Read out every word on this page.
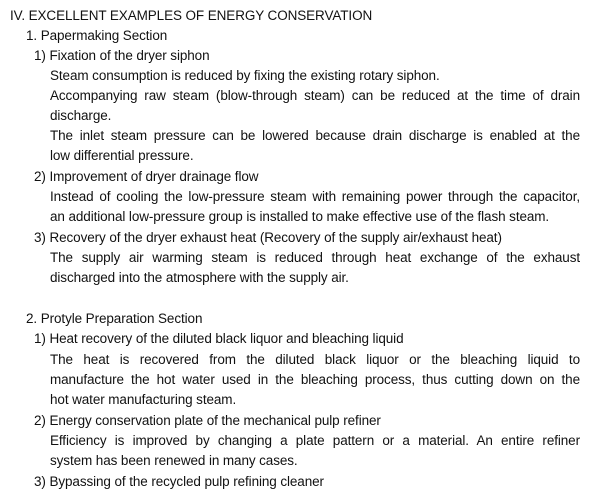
IV. EXCELLENT EXAMPLES OF ENERGY CONSERVATION
1. Papermaking Section
1) Fixation of the dryer siphon
Steam consumption is reduced by fixing the existing rotary siphon.
Accompanying raw steam (blow-through steam) can be reduced at the time of drain
discharge.
The inlet steam pressure can be lowered because drain discharge is enabled at the
low differential pressure.
2) Improvement of dryer drainage flow
Instead of cooling the low-pressure steam with remaining power through the capacitor,
an additional low-pressure group is installed to make effective use of the flash steam.
3) Recovery of the dryer exhaust heat (Recovery of the supply air/exhaust heat)
The supply air warming steam is reduced through heat exchange of the exhaust
discharged into the atmosphere with the supply air.
2. Protyle Preparation Section
1) Heat recovery of the diluted black liquor and bleaching liquid
The heat is recovered from the diluted black liquor or the bleaching liquid to
manufacture the hot water used in the bleaching process, thus cutting down on the
hot water manufacturing steam.
2) Energy conservation plate of the mechanical pulp refiner
Efficiency is improved by changing a plate pattern or a material. An entire refiner
system has been renewed in many cases.
3) Bypassing of the recycled pulp refining cleaner
